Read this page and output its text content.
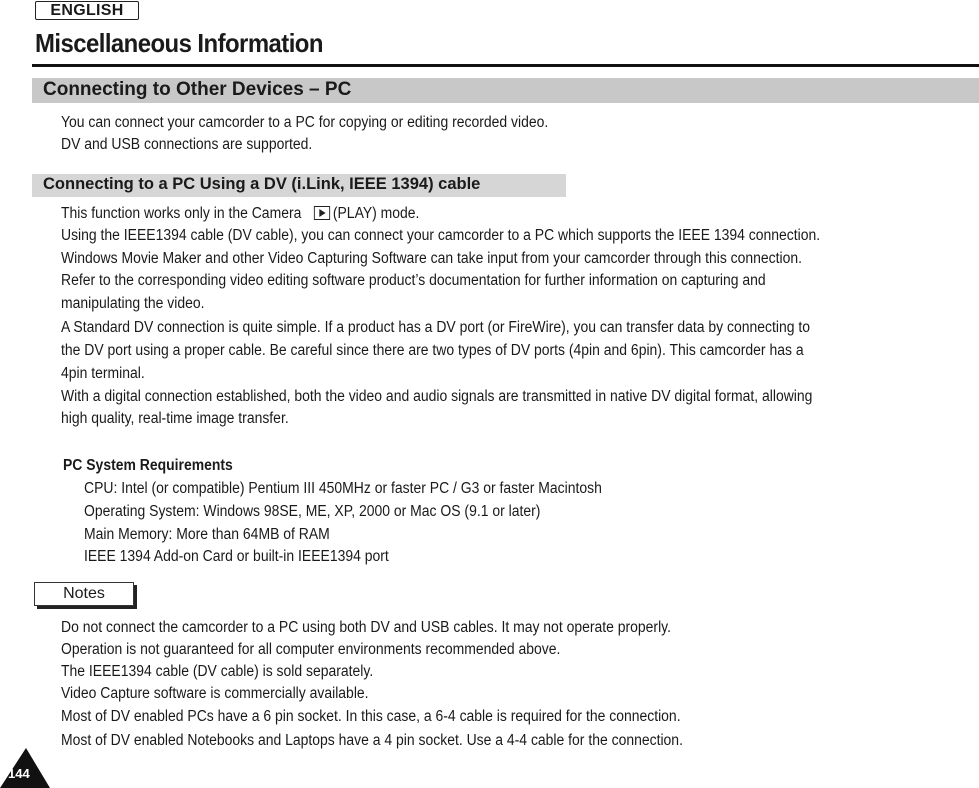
ENGLISH
Miscellaneous Information
Connecting to Other Devices – PC

You can connect your camcorder to a PC for copying or editing recorded video.

DV and USB connections are supported.

Connecting to a PC Using a DV (i.Link, IEEE 1394) cable

This function works only in the Camera (PLAY) mode.

Using the IEEE1394 cable (DV cable), you can connect your camcorder to a PC which supports the IEEE 1394 connection.

Windows Movie Maker and other Video Capturing Software can take input from your camcorder through this connection.

Refer to the corresponding video editing software product’s documentation for further information on capturing and

manipulating the video.

A Standard DV connection is quite simple. If a product has a DV port (or FireWire), you can transfer data by connecting to

the DV port using a proper cable. Be careful since there are two types of DV ports (4pin and 6pin). This camcorder has a

4pin terminal.

With a digital connection established, both the video and audio signals are transmitted in native DV digital format, allowing

high quality, real-time image transfer.

PC System Requirements

CPU: Intel (or compatible) Pentium III 450MHz or faster PC / G3 or faster Macintosh

Operating System: Windows 98SE, ME, XP, 2000 or Mac OS (9.1 or later)

Main Memory: More than 64MB of RAM

IEEE 1394 Add-on Card or built-in IEEE1394 port

Notes

Do not connect the camcorder to a PC using both DV and USB cables. It may not operate properly.

Operation is not guaranteed for all computer environments recommended above.

The IEEE1394 cable (DV cable) is sold separately.

Video Capture software is commercially available.

Most of DV enabled PCs have a 6 pin socket. In this case, a 6-4 cable is required for the connection.

Most of DV enabled Notebooks and Laptops have a 4 pin socket. Use a 4-4 cable for the connection.

144
